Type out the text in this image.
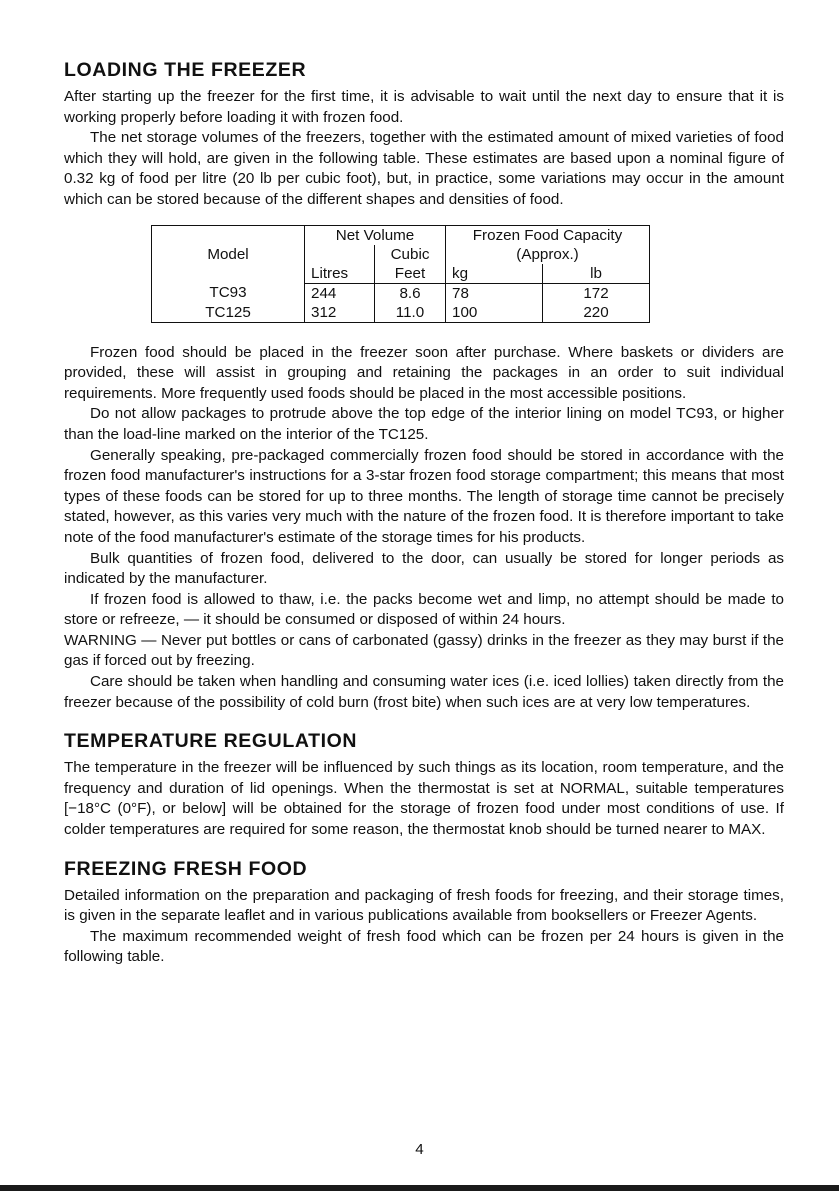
LOADING THE FREEZER

After starting up the freezer for the first time, it is advisable to wait until the next day to ensure that it is working properly before loading it with frozen food.

The net storage volumes of the freezers, together with the estimated amount of mixed varieties of food which they will hold, are given in the following table. These estimates are based upon a nominal figure of 0.32 kg of food per litre (20 lb per cubic foot), but, in practice, some variations may occur in the amount which can be stored because of the different shapes and densities of food.

Model	Net Volume		Frozen Food Capacity	
		Cubic	(Approx.)	
	Litres	Feet	kg	lb
TC93	244	8.6	78	172
TC125	312	11.0	100	220

Frozen food should be placed in the freezer soon after purchase. Where baskets or dividers are provided, these will assist in grouping and retaining the packages in an order to suit individual requirements. More frequently used foods should be placed in the most accessible positions.

Do not allow packages to protrude above the top edge of the interior lining on model TC93, or higher than the load-line marked on the interior of the TC125.

Generally speaking, pre-packaged commercially frozen food should be stored in accordance with the frozen food manufacturer's instructions for a 3-star frozen food storage compartment; this means that most types of these foods can be stored for up to three months. The length of storage time cannot be precisely stated, however, as this varies very much with the nature of the frozen food. It is therefore important to take note of the food manufacturer's estimate of the storage times for his products.

Bulk quantities of frozen food, delivered to the door, can usually be stored for longer periods as indicated by the manufacturer.

If frozen food is allowed to thaw, i.e. the packs become wet and limp, no attempt should be made to store or refreeze, — it should be consumed or disposed of within 24 hours.

WARNING — Never put bottles or cans of carbonated (gassy) drinks in the freezer as they may burst if the gas if forced out by freezing.

Care should be taken when handling and consuming water ices (i.e. iced lollies) taken directly from the freezer because of the possibility of cold burn (frost bite) when such ices are at very low temperatures.

TEMPERATURE REGULATION

The temperature in the freezer will be influenced by such things as its location, room temperature, and the frequency and duration of lid openings. When the thermostat is set at NORMAL, suitable temperatures [−18°C (0°F), or below] will be obtained for the storage of frozen food under most conditions of use. If colder temperatures are required for some reason, the thermostat knob should be turned nearer to MAX.

FREEZING FRESH FOOD

Detailed information on the preparation and packaging of fresh foods for freezing, and their storage times, is given in the separate leaflet and in various publications available from booksellers or Freezer Agents.

The maximum recommended weight of fresh food which can be frozen per 24 hours is given in the following table.

4
